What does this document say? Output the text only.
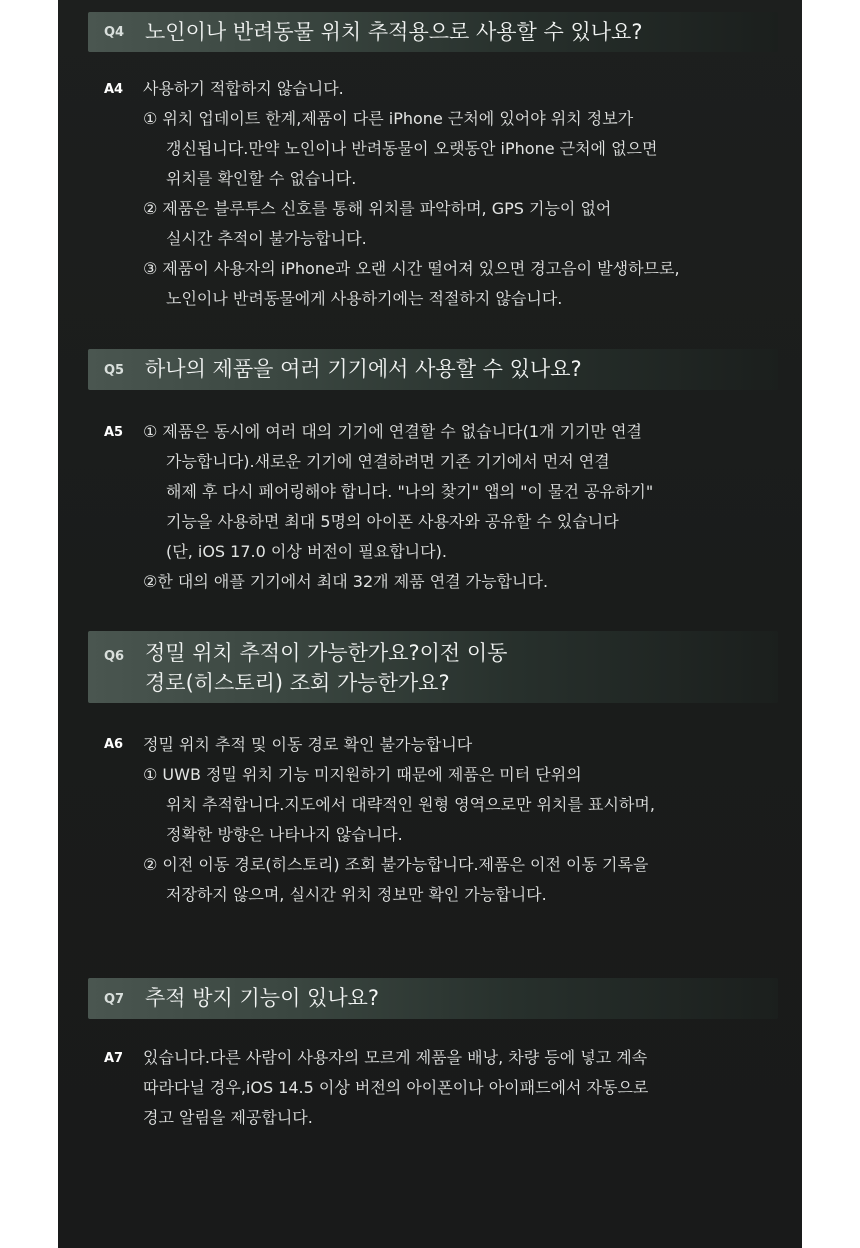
Q4 노인이나 반려동물 위치 추적용으로 사용할 수 있나요?
A4 사용하기 적합하지 않습니다.
① 위치 업데이트 한계,제품이 다른 iPhone 근처에 있어야 위치 정보가
갱신됩니다.만약 노인이나 반려동물이 오랫동안 iPhone 근처에 없으면
위치를 확인할 수 없습니다.
② 제품은 블루투스 신호를 통해 위치를 파악하며, GPS 기능이 없어
실시간 추적이 불가능합니다.
③ 제품이 사용자의 iPhone과 오랜 시간 떨어져 있으면 경고음이 발생하므로,
노인이나 반려동물에게 사용하기에는 적절하지 않습니다.
Q5 하나의 제품을 여러 기기에서 사용할 수 있나요?
A5 ① 제품은 동시에 여러 대의 기기에 연결할 수 없습니다(1개 기기만 연결
가능합니다).새로운 기기에 연결하려면 기존 기기에서 먼저 연결
해제 후 다시 페어링해야 합니다. "나의 찾기" 앱의 "이 물건 공유하기"
기능을 사용하면 최대 5명의 아이폰 사용자와 공유할 수 있습니다
(단, iOS 17.0 이상 버전이 필요합니다).
②한 대의 애플 기기에서 최대 32개 제품 연결 가능합니다.
Q6 정밀 위치 추적이 가능한가요?이전 이동
경로(히스토리) 조회 가능한가요?
A6 정밀 위치 추적 및 이동 경로 확인 불가능합니다
① UWB 정밀 위치 기능 미지원하기 때문에 제품은 미터 단위의
위치 추적합니다.지도에서 대략적인 원형 영역으로만 위치를 표시하며,
정확한 방향은 나타나지 않습니다.
② 이전 이동 경로(히스토리) 조회 불가능합니다.제품은 이전 이동 기록을
저장하지 않으며, 실시간 위치 정보만 확인 가능합니다.
Q7 추적 방지 기능이 있나요?
A7 있습니다.다른 사람이 사용자의 모르게 제품을 배낭, 차량 등에 넣고 계속
따라다닐 경우,iOS 14.5 이상 버전의 아이폰이나 아이패드에서 자동으로
경고 알림을 제공합니다.
